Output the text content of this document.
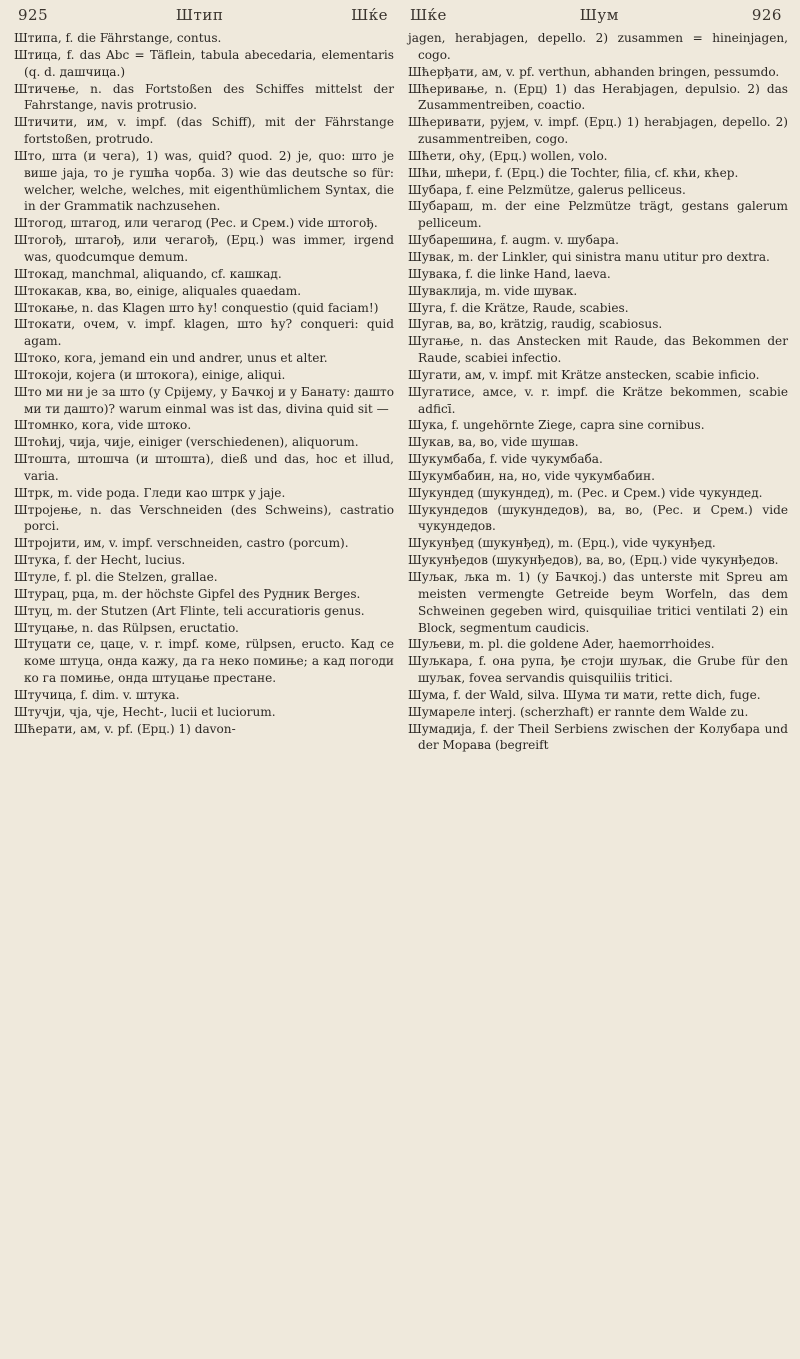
925	Штип	Шќе Шќе	Шум	926

Штипа, f. die Fährstange, contus.

Штица, f. das Abc = Täflein, tabula abecedaria, elementaris (q. d. дашчица.)

Штичење, n. das Fortstoßen des Schiffes mittelst der Fahrstange, navis protrusio.

Штичити, им, v. impf. (das Schiff), mit der Fährstange fortstoßen, protrudo.

Што, шта (и чега), 1) was, quid? quod. 2) је, quo: што је више јаја, то је гушћа чорба. 3) wie das deutsche so für: welcher, welche, welches, mit eigenthümlichem Syntax, die in der Grammatik nachzusehen.

Штогод, штагод, или чегагод (Рес. и Срем.) vide штогођ.

Штогођ, штагођ, или чегагођ, (Ерц.) was immer, irgend was, quodcumque demum.

Штокад, manchmal, aliquando, cf. кашкад.

Штокакав, ква, во, einige, aliquales quaedam.

Штокање, n. das Klagen што ћу! conquestio (quid faciam!)

Штокати, очем, v. impf. klagen, што ћу? conqueri: quid agam.

Штоко, кога, jemand ein und andrer, unus et alter.

Штокоји, којега (и штокога), einige, aliqui.

Што ми ни је за што (у Срijему, у Бачкој и у Банату: дашто ми ти дашто)? warum einmal was ist das, divina quid sit —

Штомнко, кога, vide штоко.

Штоћиј, чија, чије, einiger (verschiedenen), aliquorum.

Штошта, штошча (и штошта), dieß und das, hoc et illud, varia.

Штрк, m. vide рода. Гледи као штрк у јаје.

Штројење, n. das Verschneiden (des Schweins), castratio porci.

Штројити, им, v. impf. verschneiden, castro (porcum).

Штука, f. der Hecht, lucius.

Штуле, f. pl. die Stelzen, grallae.

Штурац, рца, m. der höchste Gipfel des Рудник Berges.

Штуц, m. der Stutzen (Art Flinte, teli accuratioris genus.

Штуцање, n. das Rülpsen, eructatio.

Штуцати се, цаце, v. r. impf. коме, rülpsen, eructo. Кад се коме штуца, онда кажу, да га неко помиње; а кад погоди ко га помиње, онда штуцање престане.

Штучица, f. dim. v. штука.

Штучји, чја, чје, Hecht-, lucii et luciorum.

Шћерати, ам, v. pf. (Ерц.) 1) davon-

jagen, herabjagen, depello. 2) zusammen = hineinjagen, cogo.

Шћерђати, ам, v. pf. verthun, abhanden bringen, pessumdo.

Шћеривање, n. (Ерц) 1) das Herabjagen, depulsio. 2) das Zusammentreiben, coactio.

Шћеривати, рујем, v. impf. (Ерц.) 1) herabjagen, depello. 2) zusammentreiben, cogo.

Шћети, оћу, (Ерц.) wollen, volo.

Шћи, шћери, f. (Ерц.) die Tochter, filia, cf. кћи, кћер.

Шубара, f. eine Pelzmütze, galerus pelliceus.

Шубараш, m. der eine Pelzmütze trägt, gestans galerum pelliceum.

Шубарешина, f. augm. v. шубара.

Шувак, m. der Linkler, qui sinistra manu utitur pro dextra.

Шувака, f. die linke Hand, laeva.

Шуваклија, m. vide шувак.

Шуга, f. die Krätze, Raude, scabies.

Шугав, ва, во, krätzig, raudig, scabiosus.

Шугање, n. das Anstecken mit Raude, das Bekommen der Raude, scabiei infectio.

Шугати, ам, v. impf. mit Krätze anstecken, scabie inficio.

Шугатисе, амсе, v. r. impf. die Krätze bekommen, scabie adficī.

Шука, f. ungehörnte Ziege, capra sine cornibus.

Шукав, ва, во, vide шушав.

Шукумбаба, f. vide чукумбаба.

Шукумбабин, на, но, vide чукумбабин.

Шукундед (шукундед), m. (Рес. и Срем.) vide чукундед.

Шукундедов (шукундедов), ва, во, (Рес. и Срем.) vide чукундедов.

Шукунђед (шукунђед), m. (Ерц.), vide чукунђед.

Шукунђедов (шукунђедов), ва, во, (Ерц.) vide чукунђедов.

Шуљак, љка m. 1) (у Бачкој.) das unterste mit Spreu am meisten vermengte Getreide beym Worfeln, das dem Schweinen gegeben wird, quisquiliae tritici ventilati 2) ein Block, segmentum caudicis.

Шуљеви, m. pl. die goldene Ader, haemorrhoides.

Шуљкара, f. она рупа, ђе стоји шуљак, die Grube für den шуљак, fovea servandis quisquiliis tritici.

Шума, f. der Wald, silva. Шума ти мати, rette dich, fuge.

Шумареле interj. (scherzhaft) er rannte dem Walde zu.

Шумадија, f. der Theil Serbiens zwischen der Колубара und der Морава (begreift
